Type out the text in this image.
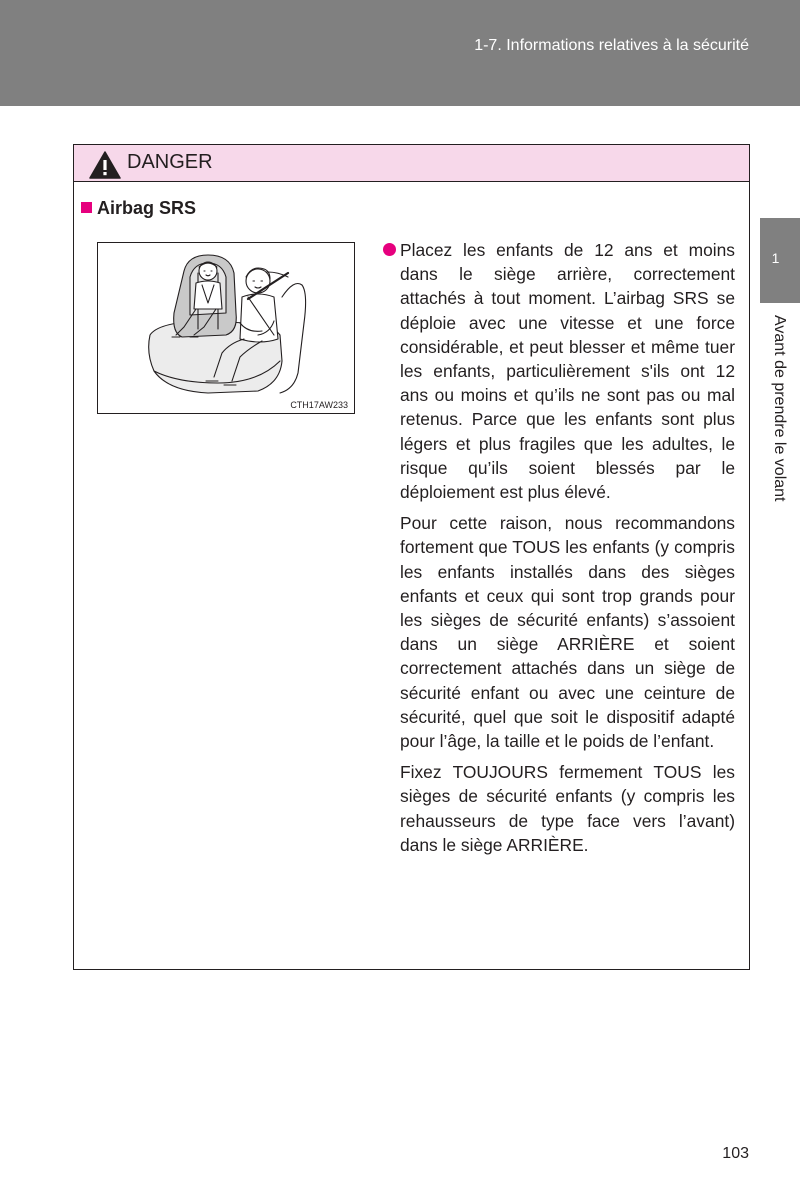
1-7. Informations relatives à la sécurité
1
Avant de prendre le volant
DANGER
Airbag SRS
CTH17AW233

Placez les enfants de 12 ans et moins dans le siège arrière, correctement attachés à tout moment. L’airbag SRS se déploie avec une vitesse et une force considérable, et peut blesser et même tuer les enfants, particulièrement s'ils ont 12 ans ou moins et qu’ils ne sont pas ou mal retenus. Parce que les enfants sont plus légers et plus fragiles que les adultes, le risque qu’ils soient blessés par le déploiement est plus élevé.

Pour cette raison, nous recommandons fortement que TOUS les enfants (y compris les enfants installés dans des sièges enfants et ceux qui sont trop grands pour les sièges de sécurité enfants) s’assoient dans un siège ARRIÈRE et soient correctement attachés dans un siège de sécurité enfant ou avec une ceinture de sécurité, quel que soit le dispositif adapté pour l’âge, la taille et le poids de l’enfant.

Fixez TOUJOURS fermement TOUS les sièges de sécurité enfants (y compris les rehausseurs de type face vers l’avant) dans le siège ARRIÈRE.

103
